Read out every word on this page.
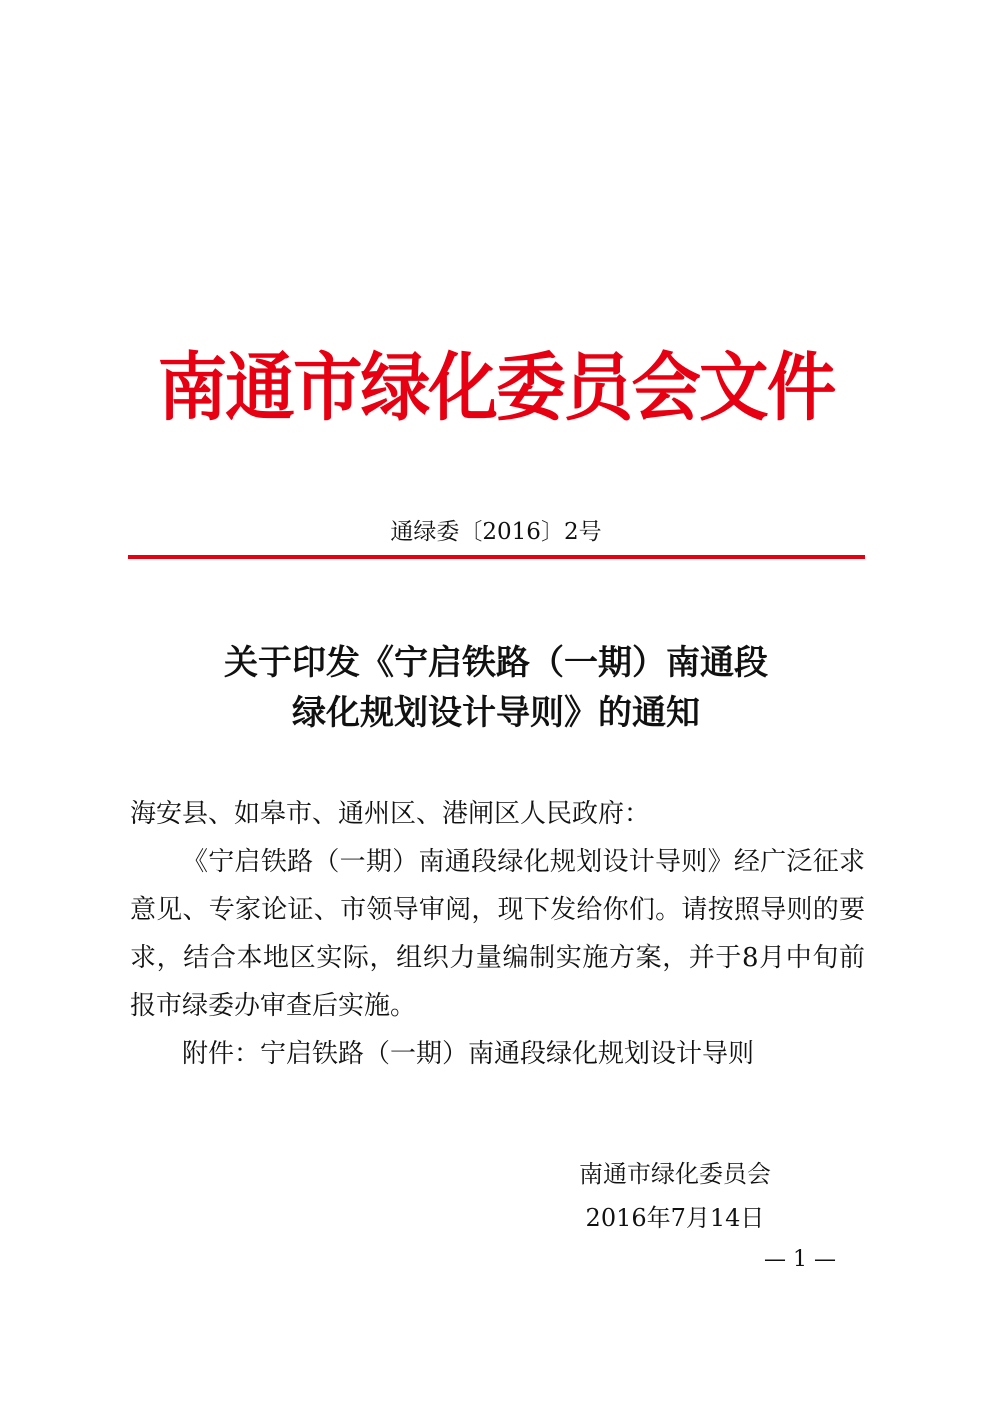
南通市绿化委员会文件
通绿委〔2016〕2号
关于印发《宁启铁路（一期）南通段
绿化规划设计导则》的通知

海安县、如皋市、通州区、港闸区人民政府：

《宁启铁路（一期）南通段绿化规划设计导则》经广泛征求意见、专家论证、市领导审阅，现下发给你们。请按照导则的要求，结合本地区实际，组织力量编制实施方案，并于8月中旬前报市绿委办审查后实施。

附件：宁启铁路（一期）南通段绿化规划设计导则

南通市绿化委员会
2016年7月14日
— 1 —
